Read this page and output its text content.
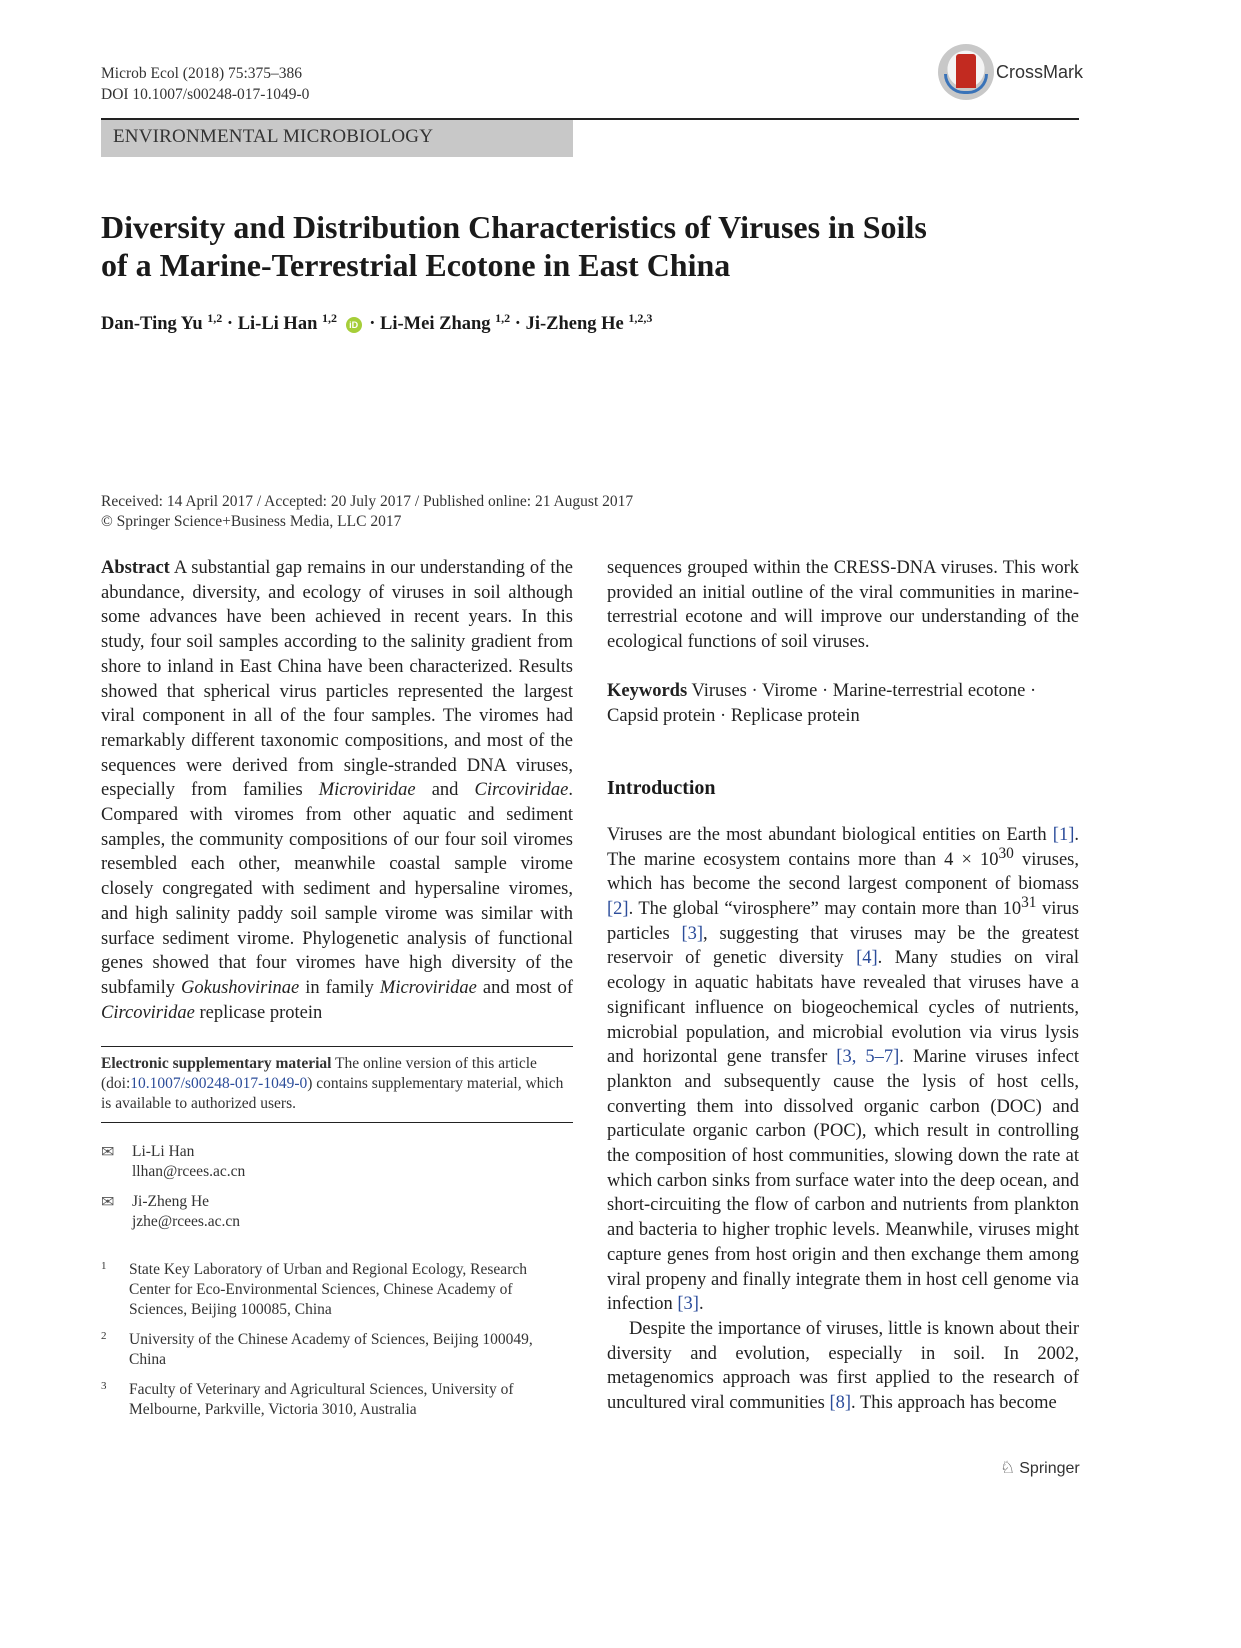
Microb Ecol (2018) 75:375–386
DOI 10.1007/s00248-017-1049-0
CrossMark
ENVIRONMENTAL MICROBIOLOGY
Diversity and Distribution Characteristics of Viruses in Soils
of a Marine-Terrestrial Ecotone in East China
Dan-Ting Yu $^{1,2}$ · Li-Li Han $^{1,2}$ iD · Li-Mei Zhang $^{1,2}$ · Ji-Zheng He $^{1,2,3}$
Received: 14 April 2017 / Accepted: 20 July 2017 / Published online: 21 August 2017
© Springer Science+Business Media, LLC 2017

Abstract A substantial gap remains in our understanding of the abundance, diversity, and ecology of viruses in soil although some advances have been achieved in recent years. In this study, four soil samples according to the salinity gradient from shore to inland in East China have been characterized. Results showed that spherical virus particles represented the largest viral component in all of the four samples. The viromes had remarkably different taxonomic compositions, and most of the sequences were derived from single-stranded DNA viruses, especially from families Microviridae and Circoviridae. Compared with viromes from other aquatic and sediment samples, the community compositions of our four soil viromes resembled each other, meanwhile coastal sample virome closely congregated with sediment and hypersaline viromes, and high salinity paddy soil sample virome was similar with surface sediment virome. Phylogenetic analysis of functional genes showed that four viromes have high diversity of the subfamily Gokushovirinae in family Microviridae and most of Circoviridae replicase protein

Electronic supplementary material The online version of this article (doi:10.1007/s00248-017-1049-0) contains supplementary material, which is available to authorized users.
✉ Li-Li Han
llhan@rcees.ac.cn
✉ Ji-Zheng He
jzhe@rcees.ac.cn
1 State Key Laboratory of Urban and Regional Ecology, Research Center for Eco-Environmental Sciences, Chinese Academy of Sciences, Beijing 100085, China
2 University of the Chinese Academy of Sciences, Beijing 100049, China
3 Faculty of Veterinary and Agricultural Sciences, University of Melbourne, Parkville, Victoria 3010, Australia

sequences grouped within the CRESS-DNA viruses. This work provided an initial outline of the viral communities in marine-terrestrial ecotone and will improve our understanding of the ecological functions of soil viruses.

Keywords Viruses · Virome · Marine-terrestrial ecotone · Capsid protein · Replicase protein

Introduction

Viruses are the most abundant biological entities on Earth [1]. The marine ecosystem contains more than $4 \times 10^{30}$ viruses, which has become the second largest component of biomass [2]. The global “virosphere” may contain more than $10^{31}$ virus particles [3], suggesting that viruses may be the greatest reservoir of genetic diversity [4]. Many studies on viral ecology in aquatic habitats have revealed that viruses have a significant influence on biogeochemical cycles of nutrients, microbial population, and microbial evolution via virus lysis and horizontal gene transfer [3, 5–7]. Marine viruses infect plankton and subsequently cause the lysis of host cells, converting them into dissolved organic carbon (DOC) and particulate organic carbon (POC), which result in controlling the composition of host communities, slowing down the rate at which carbon sinks from surface water into the deep ocean, and short-circuiting the flow of carbon and nutrients from plankton and bacteria to higher trophic levels. Meanwhile, viruses might capture genes from host origin and then exchange them among viral propeny and finally integrate them in host cell genome via infection [3].

Despite the importance of viruses, little is known about their diversity and evolution, especially in soil. In 2002, metagenomics approach was first applied to the research of uncultured viral communities [8]. This approach has become

♘ Springer
